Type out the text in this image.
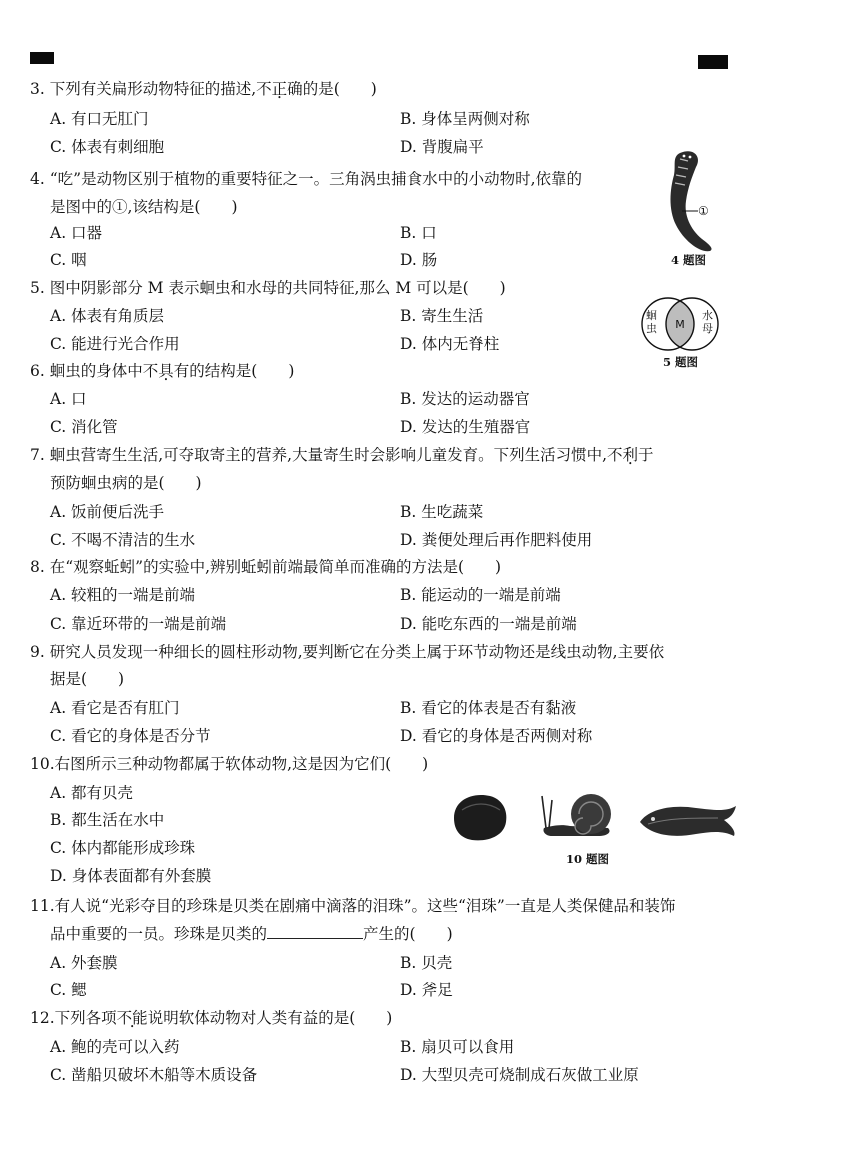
3. 下列有关扁形动物特征的描述,不正确的是(　　)
A. 有口无肛门	B. 身体呈两侧对称
C. 体表有刺细胞	D. 背腹扁平
4. “吃”是动物区别于植物的重要特征之一。三角涡虫捕食水中的小动物时,依靠的
是图中的①,该结构是(　　)
A. 口器	B. 口
C. 咽	D. 肠
①
4 题图
5. 图中阴影部分 M 表示蛔虫和水母的共同特征,那么 M 可以是(　　)
A. 体表有角质层	B. 寄生生活
C. 能进行光合作用	D. 体内无脊柱
M
蛔虫
水母
5 题图
6. 蛔虫的身体中不具有的结构是(　　)
A. 口	B. 发达的运动器官
C. 消化管	D. 发达的生殖器官
7. 蛔虫营寄生生活,可夺取寄主的营养,大量寄生时会影响儿童发育。下列生活习惯中,不利于
预防蛔虫病的是(　　)
A. 饭前便后洗手	B. 生吃蔬菜
C. 不喝不清洁的生水	D. 粪便处理后再作肥料使用
8. 在“观察蚯蚓”的实验中,辨别蚯蚓前端最简单而准确的方法是(　　)
A. 较粗的一端是前端	B. 能运动的一端是前端
C. 靠近环带的一端是前端	D. 能吃东西的一端是前端
9. 研究人员发现一种细长的圆柱形动物,要判断它在分类上属于环节动物还是线虫动物,主要依
据是(　　)
A. 看它是否有肛门	B. 看它的体表是否有黏液
C. 看它的身体是否分节	D. 看它的身体是否两侧对称
10.右图所示三种动物都属于软体动物,这是因为它们(　　)
A. 都有贝壳
B. 都生活在水中
C. 体内都能形成珍珠
D. 身体表面都有外套膜
10 题图
11.有人说“光彩夺目的珍珠是贝类在剧痛中滴落的泪珠”。这些“泪珠”一直是人类保健品和装饰
品中重要的一员。珍珠是贝类的	产生的(　　)
A. 外套膜	B. 贝壳
C. 鳃	D. 斧足
12.下列各项不能说明软体动物对人类有益的是(　　)
A. 鲍的壳可以入药	B. 扇贝可以食用
C. 凿船贝破坏木船等木质设备	D. 大型贝壳可烧制成石灰做工业原
